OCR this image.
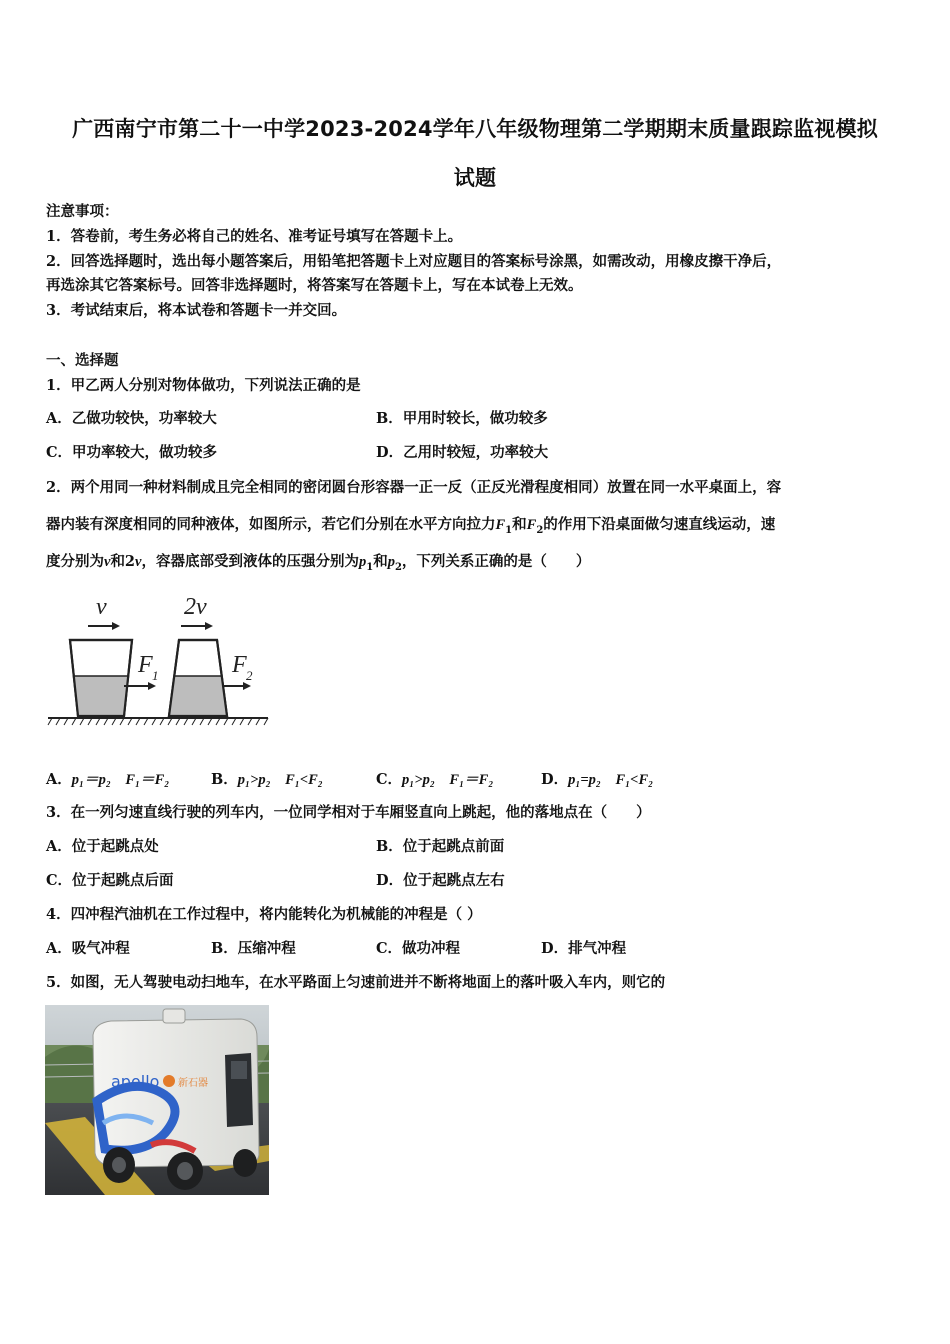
广西南宁市第二十一中学2023-2024学年八年级物理第二学期期末质量跟踪监视模拟
试题
注意事项：
1．答卷前，考生务必将自己的姓名、准考证号填写在答题卡上。
2．回答选择题时，选出每小题答案后，用铅笔把答题卡上对应题目的答案标号涂黑，如需改动，用橡皮擦干净后，
再选涂其它答案标号。回答非选择题时，将答案写在答题卡上，写在本试卷上无效。
3．考试结束后，将本试卷和答题卡一并交回。
一、选择题
1．甲乙两人分别对物体做功，下列说法正确的是
A．乙做功较快，功率较大	B．甲用时较长，做功较多
C．甲功率较大，做功较多	D．乙用时较短，功率较大
2．两个用同一种材料制成且完全相同的密闭圆台形容器一正一反（正反光滑程度相同）放置在同一水平桌面上，容
器内装有深度相同的同种液体，如图所示，若它们分别在水平方向拉力$F_1$和$F_2$的作用下沿桌面做匀速直线运动，速
度分别为v和2v，容器底部受到液体的压强分别为$p_1$和$p_2$，下列关系正确的是（　　）
v	2v
F 1	F 2
A．p₁＝p₂　F₁＝F₂	B．p₁>p₂　F₁<F₂	C．p₁>p₂　F₁＝F₂	D．p₁=p₂　F₁<F₂
3．在一列匀速直线行驶的列车内，一位同学相对于车厢竖直向上跳起，他的落地点在（　　）
A．位于起跳点处	B．位于起跳点前面
C．位于起跳点后面	D．位于起跳点左右
4．四冲程汽油机在工作过程中，将内能转化为机械能的冲程是（ ）
A．吸气冲程	B．压缩冲程	C．做功冲程	D．排气冲程
5．如图，无人驾驶电动扫地车，在水平路面上匀速前进并不断将地面上的落叶吸入车内，则它的
apollo 新石器
